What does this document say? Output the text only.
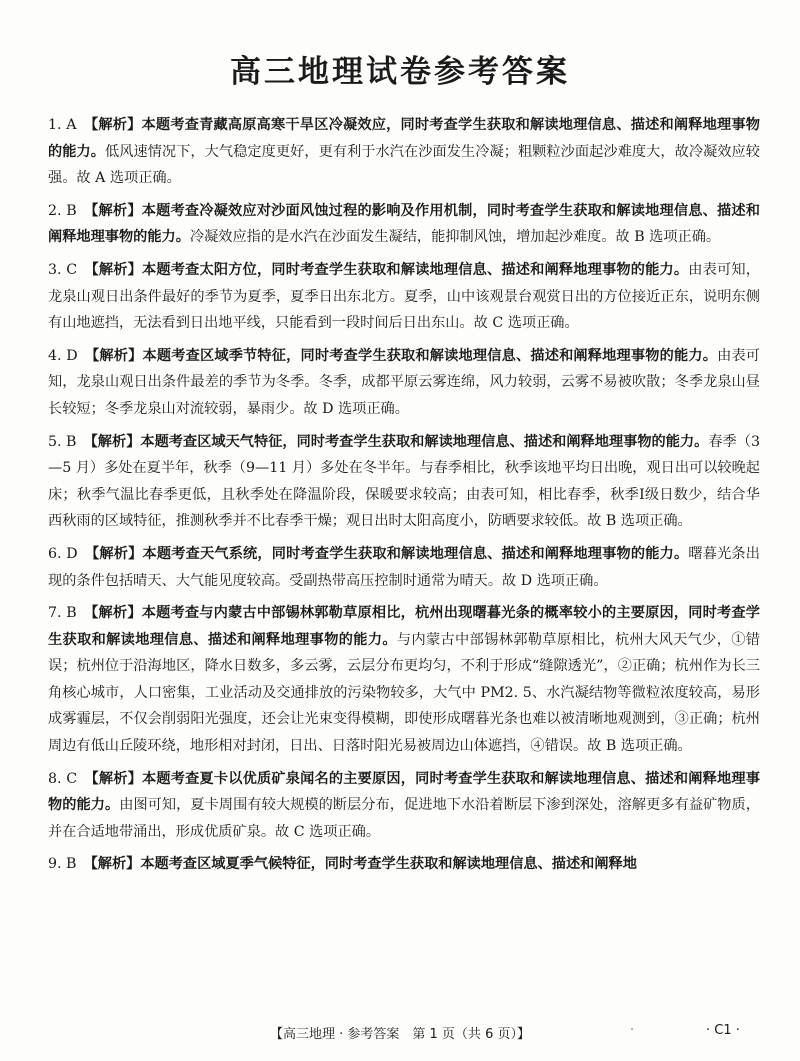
高三地理试卷参考答案
1. A　 【解析】本题考查青藏高原高寒干旱区冷凝效应，同时考查学生获取和解读地理信息、描述和阐释地理事物的能力。低风速情况下，大气稳定度更好，更有利于水汽在沙面发生冷凝；粗颗粒沙面起沙难度大，故冷凝效应较强。故 A 选项正确。
2. B　 【解析】本题考查冷凝效应对沙面风蚀过程的影响及作用机制，同时考查学生获取和解读地理信息、描述和阐释地理事物的能力。冷凝效应指的是水汽在沙面发生凝结，能抑制风蚀，增加起沙难度。故 B 选项正确。
3. C　 【解析】本题考查太阳方位，同时考查学生获取和解读地理信息、描述和阐释地理事物的能力。由表可知，龙泉山观日出条件最好的季节为夏季，夏季日出东北方。夏季，山中该观景台观赏日出的方位接近正东，说明东侧有山地遮挡，无法看到日出地平线，只能看到一段时间后日出东山。故 C 选项正确。
4. D　 【解析】本题考查区域季节特征，同时考查学生获取和解读地理信息、描述和阐释地理事物的能力。由表可知，龙泉山观日出条件最差的季节为冬季。冬季，成都平原云雾连绵，风力较弱，云雾不易被吹散；冬季龙泉山昼长较短；冬季龙泉山对流较弱，暴雨少。故 D 选项正确。
5. B　 【解析】本题考查区域天气特征，同时考查学生获取和解读地理信息、描述和阐释地理事物的能力。春季（3—5 月）多处在夏半年，秋季（9—11 月）多处在冬半年。与春季相比，秋季该地平均日出晚，观日出可以较晚起床；秋季气温比春季更低，且秋季处在降温阶段，保暖要求较高；由表可知，相比春季，秋季Ⅰ级日数少，结合华西秋雨的区域特征，推测秋季并不比春季干燥；观日出时太阳高度小，防晒要求较低。故 B 选项正确。
6. D　 【解析】本题考查天气系统，同时考查学生获取和解读地理信息、描述和阐释地理事物的能力。曙暮光条出现的条件包括晴天、大气能见度较高。受副热带高压控制时通常为晴天。故 D 选项正确。
7. B　 【解析】本题考查与内蒙古中部锡林郭勒草原相比，杭州出现曙暮光条的概率较小的主要原因，同时考查学生获取和解读地理信息、描述和阐释地理事物的能力。与内蒙古中部锡林郭勒草原相比，杭州大风天气少，①错误；杭州位于沿海地区，降水日数多，多云雾，云层分布更均匀，不利于形成“缝隙透光”，②正确；杭州作为长三角核心城市，人口密集，工业活动及交通排放的污染物较多，大气中 PM2. 5、水汽凝结物等微粒浓度较高，易形成雾霾层，不仅会削弱阳光强度，还会让光束变得模糊，即使形成曙暮光条也难以被清晰地观测到，③正确；杭州周边有低山丘陵环绕，地形相对封闭，日出、日落时阳光易被周边山体遮挡，④错误。故 B 选项正确。
8. C　 【解析】本题考查夏卡以优质矿泉闻名的主要原因，同时考查学生获取和解读地理信息、描述和阐释地理事物的能力。由图可知，夏卡周围有较大规模的断层分布，促进地下水沿着断层下渗到深处，溶解更多有益矿物质，并在合适地带涌出，形成优质矿泉。故 C 选项正确。
9. B　 【解析】本题考查区域夏季气候特征，同时考查学生获取和解读地理信息、描述和阐释地
【高三地理 · 参考答案　第 1 页（共 6 页）】	·	· C1 ·
